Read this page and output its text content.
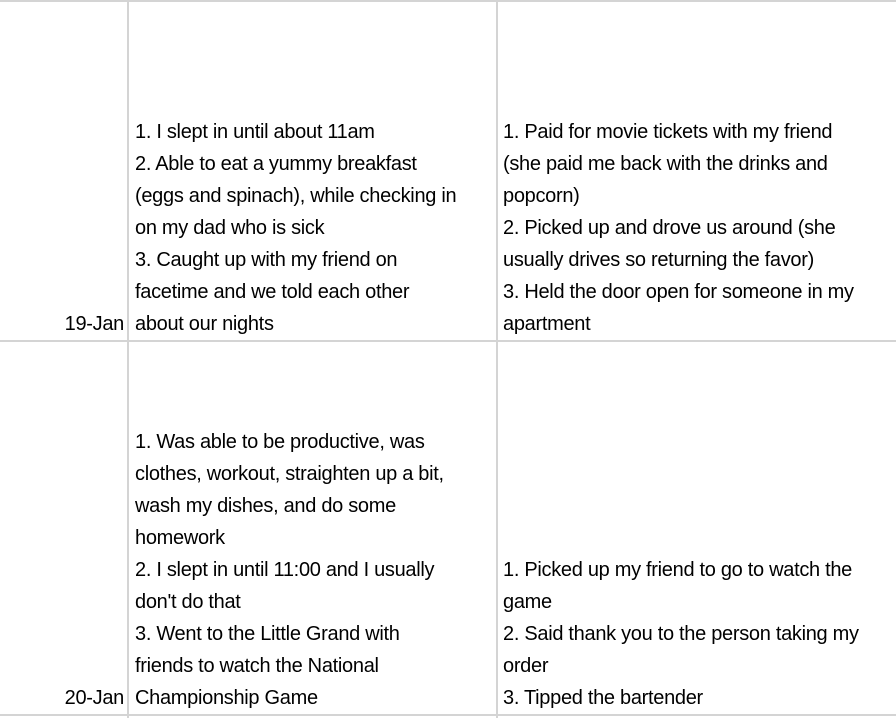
19-Jan
1. I slept in until about 11am
2. Able to eat a yummy breakfast
(eggs and spinach), while checking in
on my dad who is sick
3. Caught up with my friend on
facetime and we told each other
about our nights
1. Paid for movie tickets with my friend
(she paid me back with the drinks and
popcorn)
2. Picked up and drove us around (she
usually drives so returning the favor)
3. Held the door open for someone in my
apartment
20-Jan
1. Was able to be productive, was
clothes, workout, straighten up a bit,
wash my dishes, and do some
homework
2. I slept in until 11:00 and I usually
don't do that
3. Went to the Little Grand with
friends to watch the National
Championship Game
1. Picked up my friend to go to watch the
game
2. Said thank you to the person taking my
order
3. Tipped the bartender
